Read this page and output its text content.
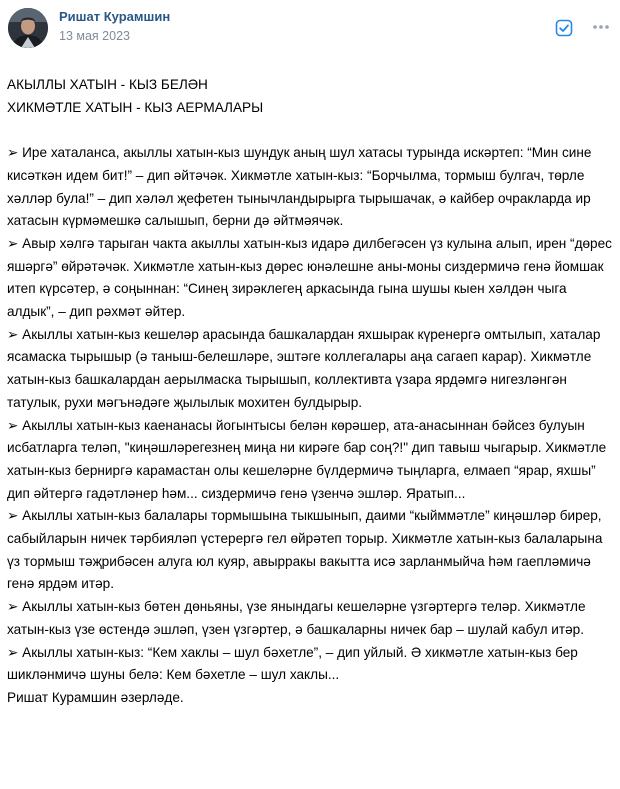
Ришат Курамшин
13 мая 2023

АКЫЛЛЫ ХАТЫН - КЫЗ БЕЛӘН

ХИКМӘТЛЕ ХАТЫН - КЫЗ АЕРМАЛАРЫ

➢ Ире хаталанса, акыллы хатын-кыз шундук аның шул хатасы турында искәртеп: “Мин сине кисәткән идем бит!” – дип әйтәчәк. Хикмәтле хатын-кыз: “Борчылма, тормыш булгач, төрле хәлләр була!” – дип хәләл җефетен тынычландырырга тырышачак, ә кайбер очракларда ир хатасын күрмәмешкә салышып, берни дә әйтмәячәк.

➢ Авыр хәлгә тарыган чакта акыллы хатын-кыз идарә дилбегәсен үз кулына алып, ирен “дөрес яшәргә” өйрәтәчәк. Хикмәтле хатын-кыз дөрес юнәлешне аны-моны сиздермичә генә йомшак итеп күрсәтер, ә соңыннан: “Синең зирәклегең аркасында гына шушы кыен хәлдән чыга алдык”, – дип рәхмәт әйтер.

➢ Акыллы хатын-кыз кешеләр арасында башкалардан яхшырак күренергә омтылып, хаталар ясамаска тырышыр (ә таныш-белешләре, эштәге коллегалары аңа сагаеп карар). Хикмәтле хатын-кыз башкалардан аерылмаска тырышып, коллективта үзара ярдәмгә нигезләнгән татулык, рухи мәгънәдәге җылылык мохитен булдырыр.

➢ Акыллы хатын-кыз каенанасы йогынтысы белән көрәшер, ата-анасыннан бәйсез булуын исбатларга теләп, "киңәшләрегезнең миңа ни кирәге бар соң?!" дип тавыш чыгарыр. Хикмәтле хатын-кыз берниргә карамастан олы кешеләрне бүлдермичә тыңларга, елмаеп “ярар, яхшы” дип әйтергә гадәтләнер һәм... сиздермичә генә үзенчә эшләр. Яратып...

➢ Акыллы хатын-кыз балалары тормышына тыкшынып, даими “кыйммәтле” киңәшләр бирер, сабыйларын ничек тәрбияләп үстерергә гел өйрәтеп торыр. Хикмәтле хатын-кыз балаларына үз тормыш тәҗрибәсен алуга юл куяр, авырракы вакытта исә зарланмыйча һәм гаепләмичә генә ярдәм итәр.

➢ Акыллы хатын-кыз бөтен дөньяны, үзе янындагы кешеләрне үзгәртергә теләр. Хикмәтле хатын-кыз үзе өстендә эшләп, үзен үзгәртер, ә башкаларны ничек бар – шулай кабул итәр.

➢ Акыллы хатын-кыз: “Кем хаклы – шул бәхетле”, – дип уйлый. Ә хикмәтле хатын-кыз бер шикләнмичә шуны белә: Кем бәхетле – шул хаклы...

Ришат Курамшин әзерләде.
